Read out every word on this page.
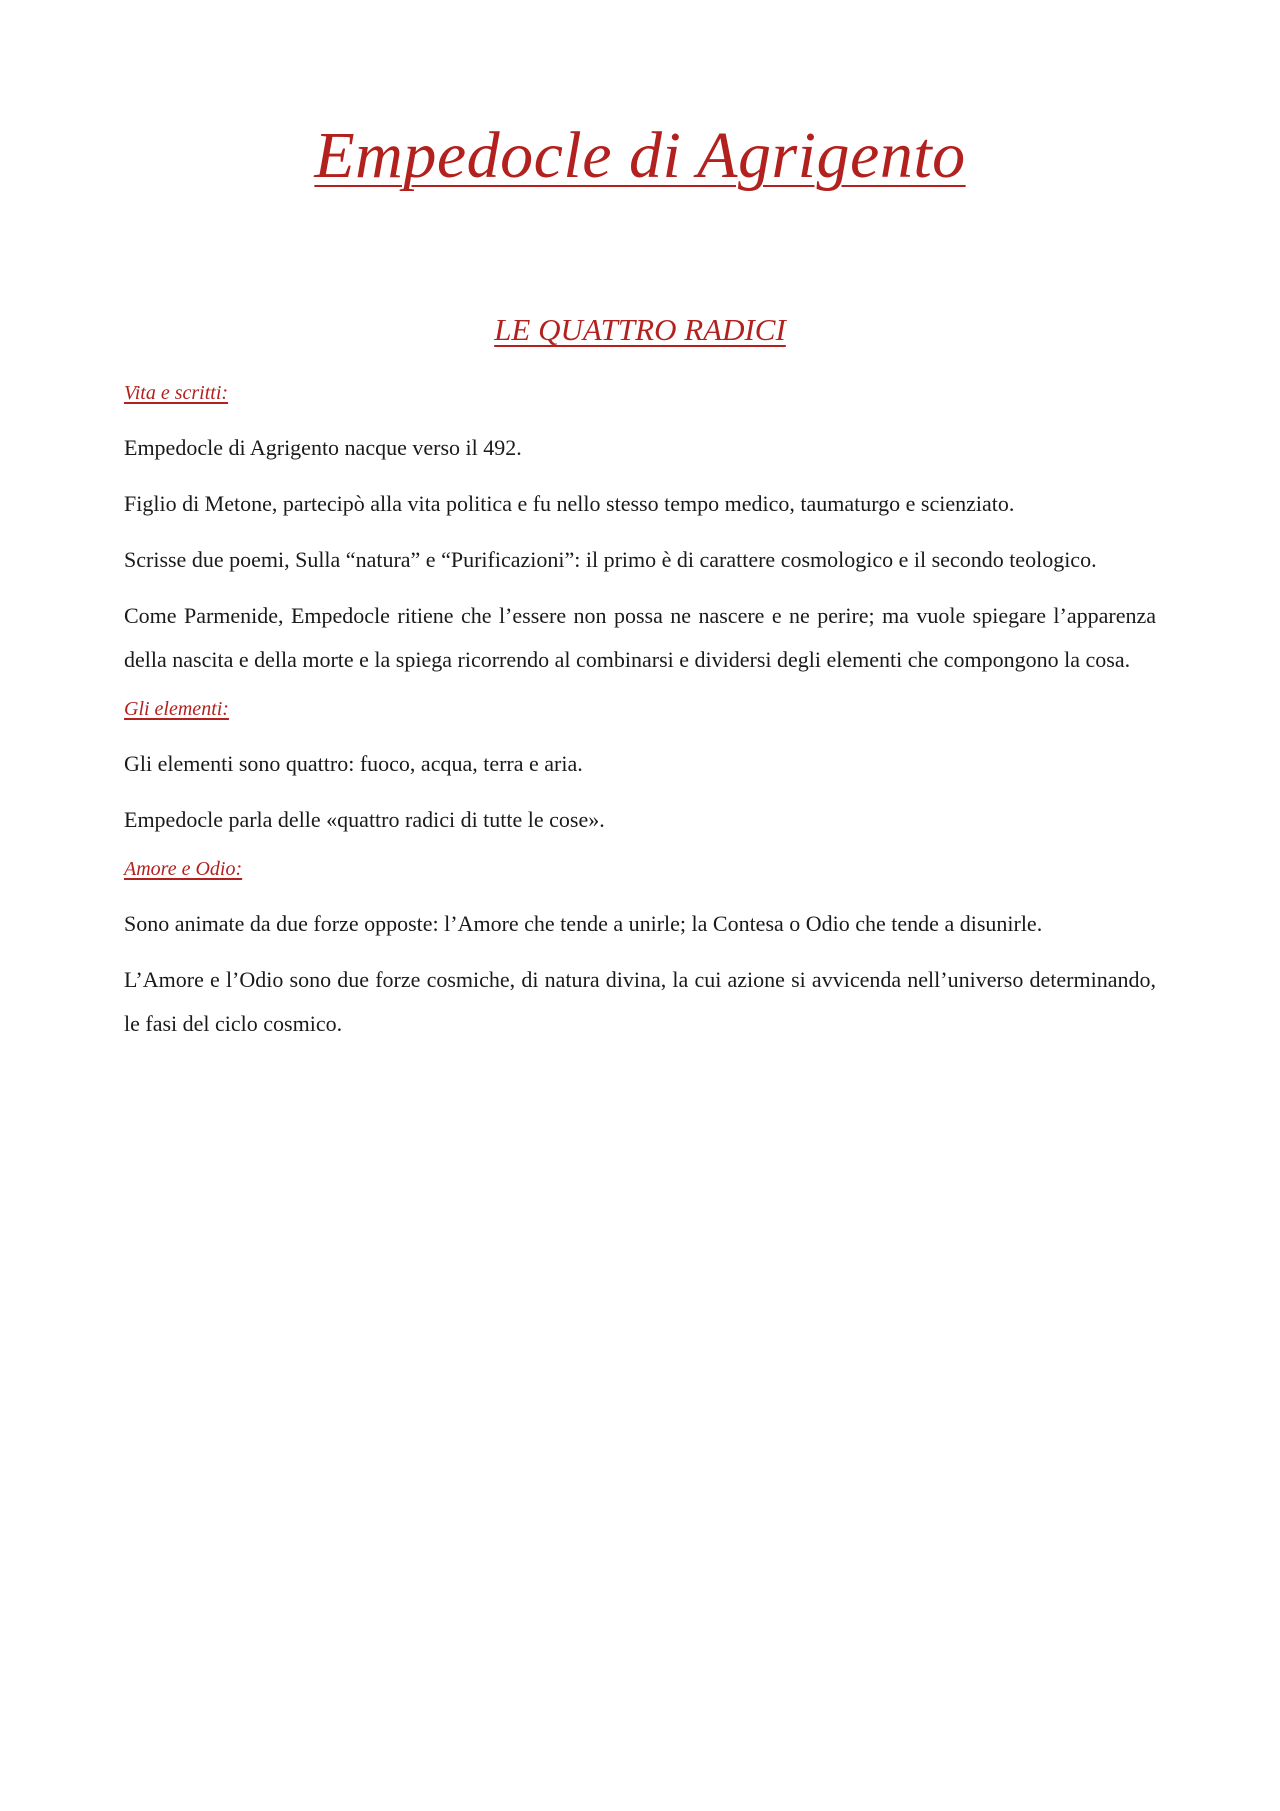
Empedocle di Agrigento
LE QUATTRO RADICI

Vita e scritti:

Empedocle di Agrigento nacque verso il 492.

Figlio di Metone, partecipò alla vita politica e fu nello stesso tempo medico, taumaturgo e scienziato.

Scrisse due poemi, Sulla “natura” e “Purificazioni”: il primo è di carattere cosmologico e il secondo teologico.

Come Parmenide, Empedocle ritiene che l’essere non possa ne nascere e ne perire; ma vuole spiegare l’apparenza della nascita e della morte e la spiega ricorrendo al combinarsi e dividersi degli elementi che compongono la cosa.

Gli elementi:

Gli elementi sono quattro: fuoco, acqua, terra e aria.

Empedocle parla delle «quattro radici di tutte le cose».

Amore e Odio:

Sono animate da due forze opposte: l’Amore che tende a unirle; la Contesa o Odio che tende a disunirle.

L’Amore e l’Odio sono due forze cosmiche, di natura divina, la cui azione si avvicenda nell’universo determinando, le fasi del ciclo cosmico.
